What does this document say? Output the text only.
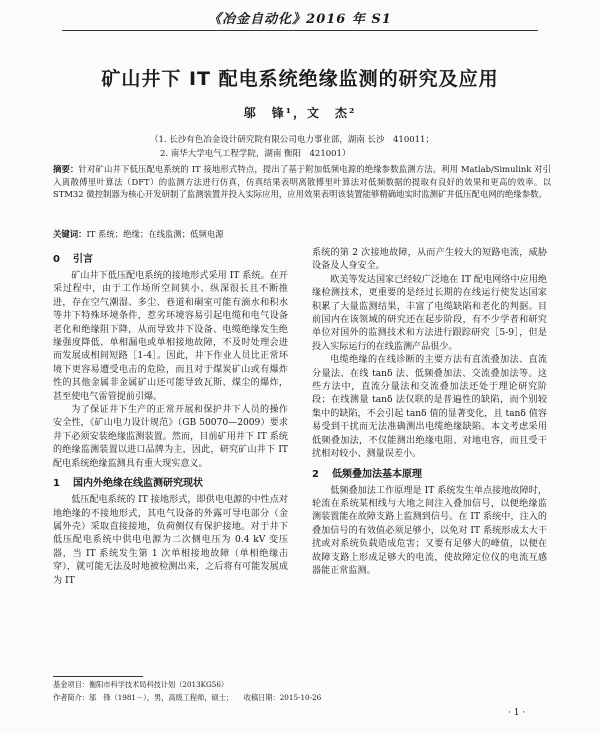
《冶金自动化》2016 年 S1
矿山井下 IT 配电系统绝缘监测的研究及应用
邬　锋¹，文　杰²
（1. 长沙有色冶金设计研究院有限公司电力事业部，湖南 长沙　410011；
2. 南华大学电气工程学院，湖南 衡阳　421001）
摘要：针对矿山井下低压配电系统的 IT 接地形式特点，提出了基于附加低频电源的绝缘参数监测方法。利用 Matlab/Simulink 对引入离散傅里叶算法（DFT）的监测方法进行仿真，仿真结果表明离散傅里叶算法对低频数据的提取有良好的效果和更高的效率。以 STM32 微控制器为核心开发研制了监测装置并投入实际应用，应用效果表明该装置能够精确地实时监测矿井低压配电网的绝缘参数。
关键词：IT 系统；绝缘；在线监测；低频电源
0 引言

矿山井下低压配电系统的接地形式采用 IT 系统。在开采过程中，由于工作场所空间狭小、纵深很长且不断推进，存在空气潮湿、多尘、巷道和硐室可能有滴水和积水等井下特殊环境条件，惹劣环境容易引起电缆和电气设备老化和绝缘阻下降，从而导致井下设备、电缆绝缘发生绝缘强度降低、单相漏电或单相接地故障，不及时处理会进而发展成相间短路［1-4］。因此，井下作业人员比正常环境下更容易遭受电击的危险，而且对于煤炭矿山或有爆炸性的其他金属非金属矿山还可能导致瓦斯、煤尘的爆炸，甚至使电气雷管提前引爆。

为了保证井下生产的正常开展和保护井下人员的操作安全性，《矿山电力设计规范》（GB 50070—2009）要求井下必须安装绝缘监测装置。然而，目前矿用井下 IT 系统的绝缘监测装置以进口品牌为主，因此，研究矿山井下 IT 配电系统绝缘监测具有重大现实意义。

1 国内外绝缘在线监测研究现状

低压配电系统的 IT 接地形式，即供电电源的中性点对地绝缘的不接地形式，其电气设备的外露可导电部分（金属外壳）采取直接接地，负荷侧仅有保护接地。对于井下低压配电系统中供电电源为二次侧电压为 0.4 kV 变压器，当 IT 系统发生第 1 次单相接地故障（单相绝缘击穿），就可能无法及时地被检测出来，之后将有可能发展成为 IT

系统的第 2 次接地故障，从而产生较大的短路电流，威胁设备及人身安全。

欧美等发达国家已经较广泛地在 IT 配电网络中应用绝缘检测技术，更重要的是经过长期的在线运行使发达国家积累了大量监测结果，丰富了电缆缺陷和老化的判据。目前国内在该领域的研究还在起步阶段，有不少学者和研究单位对国外的监测技术和方法进行跟踪研究［5-9］，但是投入实际运行的在线监测产品很少。

电缆绝缘的在线诊断的主要方法有直流叠加法、直流分量法、在线 tanδ 法、低频叠加法、交流叠加法等。这些方法中，直流分量法和交流叠加法还处于理论研究阶段；在线测量 tanδ 法仅联的是普遍性的缺陷，而个别较集中的缺陷，不会引起 tanδ 值的显著变化，且 tanδ 值容易受到干扰而无法准确测出电缆绝缘缺陷。本文考虑采用低频叠加法，不仅能测出绝缘电阻、对地电容，而且受干扰相对较小、测量误差小。

2 低频叠加法基本原理

低频叠加法工作原理是 IT 系统发生单点接地故障时，轮流在系统某相线与大地之间注入叠加信号，以便绝缘监测装置能在故障支路上监测到信号。在 IT 系统中，注入的叠加信号的有效值必须足够小，以免对 IT 系统形成太大干扰或对系统负载造成危害；又要有足够大的峰值，以便在故障支路上形成足够大的电流，使故障定位仪的电流互感器能正常监测。

基金项目：衡阳市科学技术局科技计划（2013KG56）
作者简介：邬　锋（1981－），男，高级工程师，硕士；　　收稿日期：2015-10-26
· 1 ·
